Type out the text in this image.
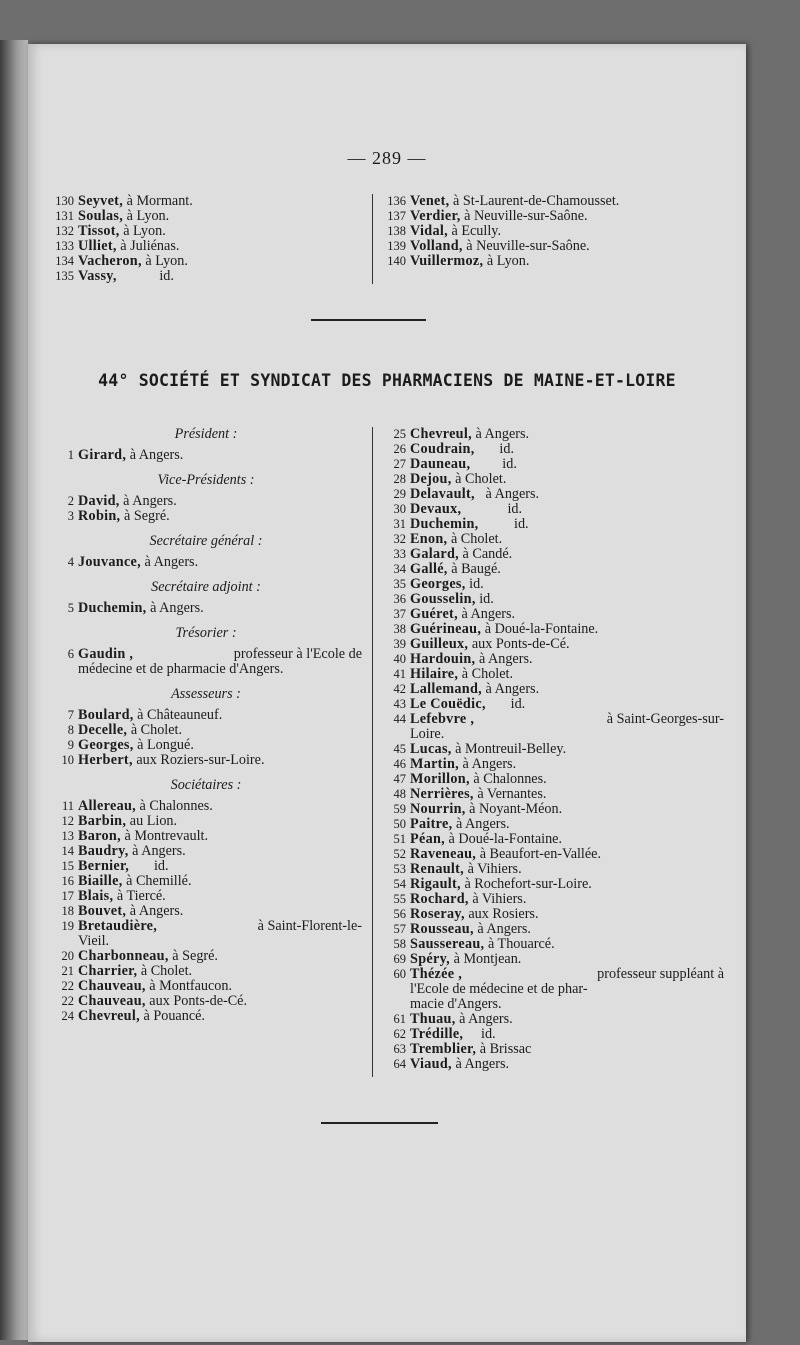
— 289 —
130 Seyvet, à Mormant.
131 Soulas, à Lyon.
132 Tissot, à Lyon.
133 Ulliet, à Juliénas.
134 Vacheron, à Lyon.
135 Vassy,            id.
136 Venet, à St-Laurent-de-Chamousset.
137 Verdier, à Neuville-sur-Saône.
138 Vidal, à Ecully.
139 Volland, à Neuville-sur-Saône.
140 Vuillermoz, à Lyon.
44° SOCIÉTÉ ET SYNDICAT DES PHARMACIENS DE MAINE-ET-LOIRE
Président :
1 Girard, à Angers.
Vice-Présidents :
2 David, à Angers.
3 Robin, à Segré.
Secrétaire général :
4 Jouvance, à Angers.
Secrétaire adjoint :
5 Duchemin, à Angers.
Trésorier :
6 Gaudin ,	professeur à l'Ecole de
médecine et de pharmacie d'Angers.
Assesseurs :
7 Boulard, à Châteauneuf.
8 Decelle, à Cholet.
9 Georges, à Longué.
10 Herbert, aux Roziers-sur-Loire.
Sociétaires :
11 Allereau, à Chalonnes.
12 Barbin, au Lion.
13 Baron, à Montrevault.
14 Baudry, à Angers.
15 Bernier,       id.
16 Biaille, à Chemillé.
17 Blais, à Tiercé.
18 Bouvet, à Angers.
19 Bretaudière,	à Saint-Florent-le-
Vieil.
20 Charbonneau, à Segré.
21 Charrier, à Cholet.
22 Chauveau, à Montfaucon.
22 Chauveau, aux Ponts-de-Cé.
24 Chevreul, à Pouancé.
25 Chevreul, à Angers.
26 Coudrain,       id.
27 Dauneau,         id.
28 Dejou, à Cholet.
29 Delavault,   à Angers.
30 Devaux,             id.
31 Duchemin,          id.
32 Enon, à Cholet.
33 Galard, à Candé.
34 Gallé, à Baugé.
35 Georges, id.
36 Gousselin, id.
37 Guéret, à Angers.
38 Guérineau, à Doué-la-Fontaine.
39 Guilleux, aux Ponts-de-Cé.
40 Hardouin, à Angers.
41 Hilaire, à Cholet.
42 Lallemand, à Angers.
43 Le Couëdic,       id.
44 Lefebvre ,	à Saint-Georges-sur-
Loire.
45 Lucas, à Montreuil-Belley.
46 Martin, à Angers.
47 Morillon, à Chalonnes.
48 Nerrières, à Vernantes.
59 Nourrin, à Noyant-Méon.
50 Paitre, à Angers.
51 Péan, à Doué-la-Fontaine.
52 Raveneau, à Beaufort-en-Vallée.
53 Renault, à Vihiers.
54 Rigault, à Rochefort-sur-Loire.
55 Rochard, à Vihiers.
56 Roseray, aux Rosiers.
57 Rousseau, à Angers.
58 Saussereau, à Thouarcé.
69 Spéry, à Montjean.
60 Thézée ,	professeur suppléant à
l'Ecole de médecine et de phar-
macie d'Angers.
61 Thuau, à Angers.
62 Trédille,     id.
63 Tremblier, à Brissac
64 Viaud, à Angers.
